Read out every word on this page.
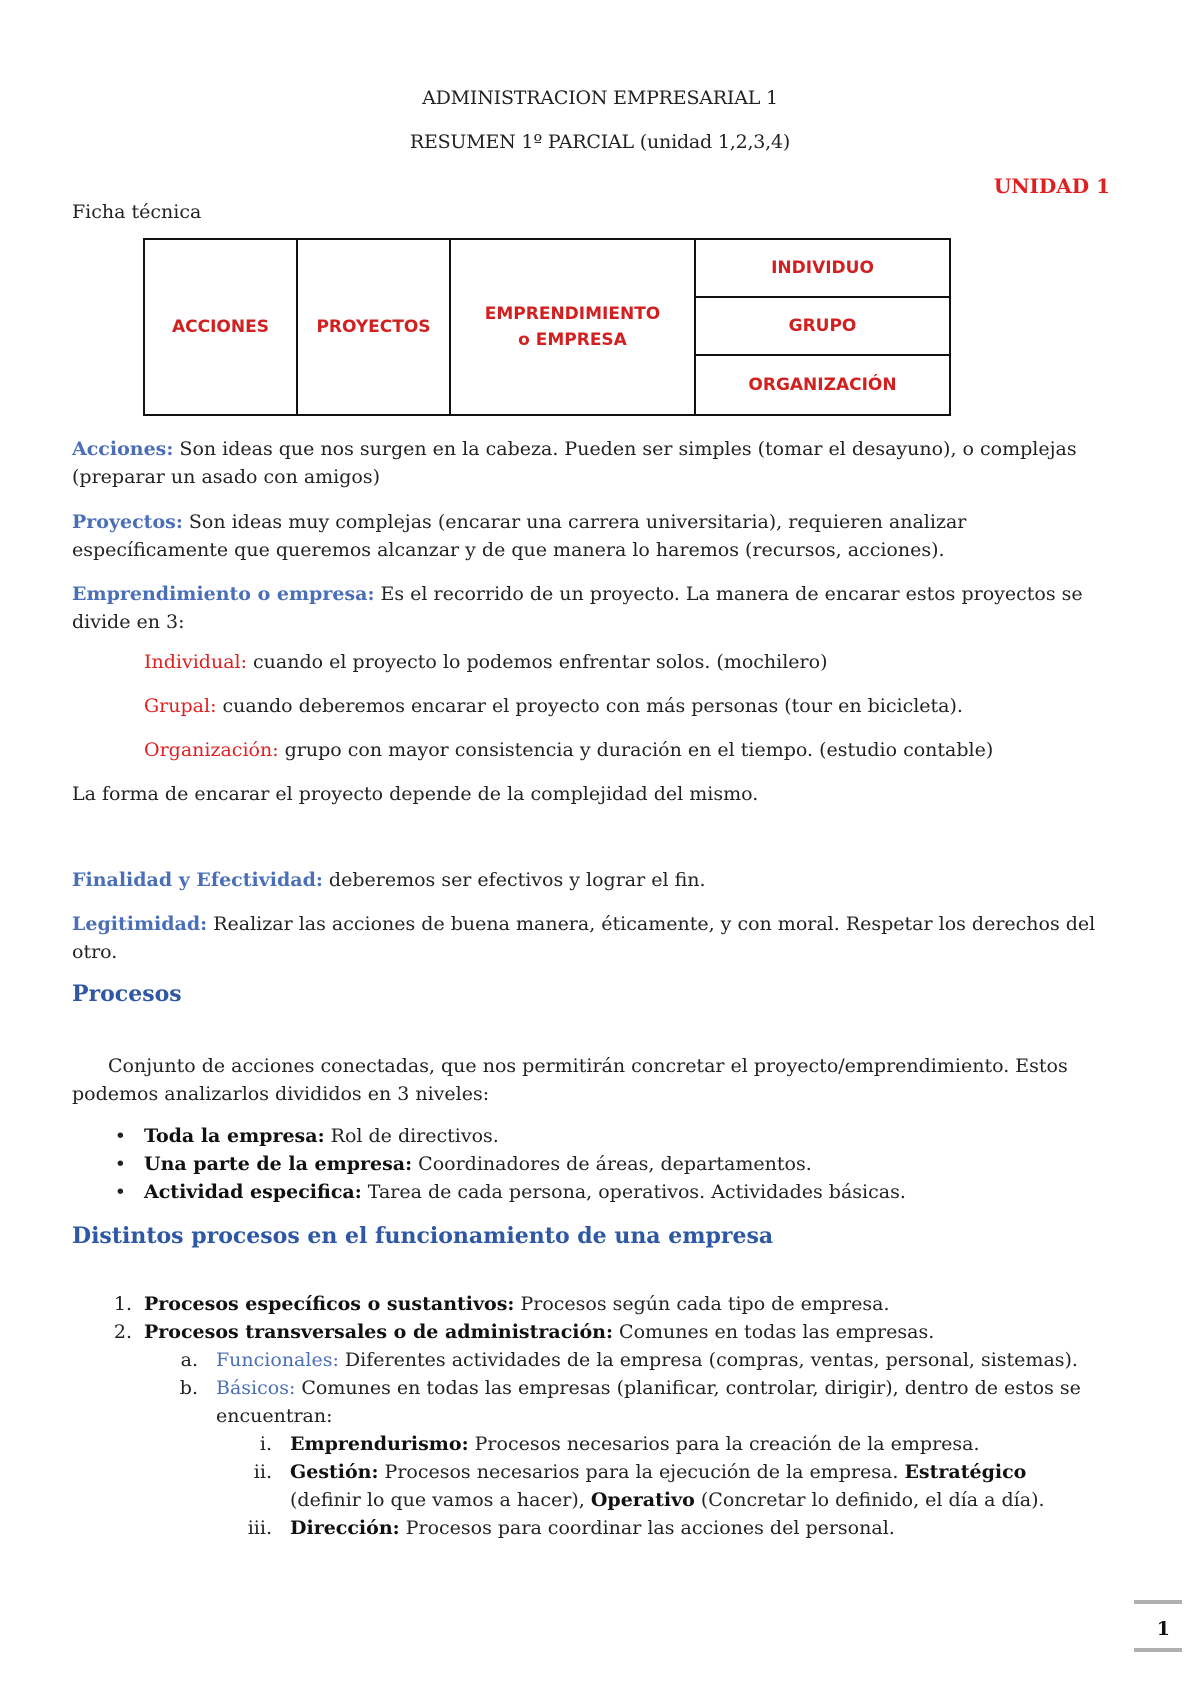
ADMINISTRACION EMPRESARIAL 1
RESUMEN 1º PARCIAL (unidad 1,2,3,4)
UNIDAD 1
Ficha técnica
ACCIONES	PROYECTOS
EMPRENDIMIENTO
o EMPRESA
INDIVIDUO
GRUPO
ORGANIZACIÓN
Acciones: Son ideas que nos surgen en la cabeza. Pueden ser simples (tomar el desayuno), o complejas (preparar un asado con amigos)
Proyectos: Son ideas muy complejas (encarar una carrera universitaria), requieren analizar específicamente que queremos alcanzar y de que manera lo haremos (recursos, acciones).
Emprendimiento o empresa: Es el recorrido de un proyecto. La manera de encarar estos proyectos se divide en 3:
Individual: cuando el proyecto lo podemos enfrentar solos. (mochilero)
Grupal: cuando deberemos encarar el proyecto con más personas (tour en bicicleta).
Organización: grupo con mayor consistencia y duración en el tiempo. (estudio contable)
La forma de encarar el proyecto depende de la complejidad del mismo.
Finalidad y Efectividad: deberemos ser efectivos y lograr el fin.
Legitimidad: Realizar las acciones de buena manera, éticamente, y con moral. Respetar los derechos del otro.
Procesos
Conjunto de acciones conectadas, que nos permitirán concretar el proyecto/emprendimiento. Estos podemos analizarlos divididos en 3 niveles:
• Toda la empresa: Rol de directivos.
• Una parte de la empresa: Coordinadores de áreas, departamentos.
• Actividad especifica: Tarea de cada persona, operativos. Actividades básicas.
Distintos procesos en el funcionamiento de una empresa
1. Procesos específicos o sustantivos: Procesos según cada tipo de empresa.
2. Procesos transversales o de administración: Comunes en todas las empresas.
a. Funcionales: Diferentes actividades de la empresa (compras, ventas, personal, sistemas).
b. Básicos: Comunes en todas las empresas (planificar, controlar, dirigir), dentro de estos se encuentran:
i. Emprendurismo: Procesos necesarios para la creación de la empresa.
ii. Gestión: Procesos necesarios para la ejecución de la empresa. Estratégico (definir lo que vamos a hacer), Operativo (Concretar lo definido, el día a día).
iii. Dirección: Procesos para coordinar las acciones del personal.
1
